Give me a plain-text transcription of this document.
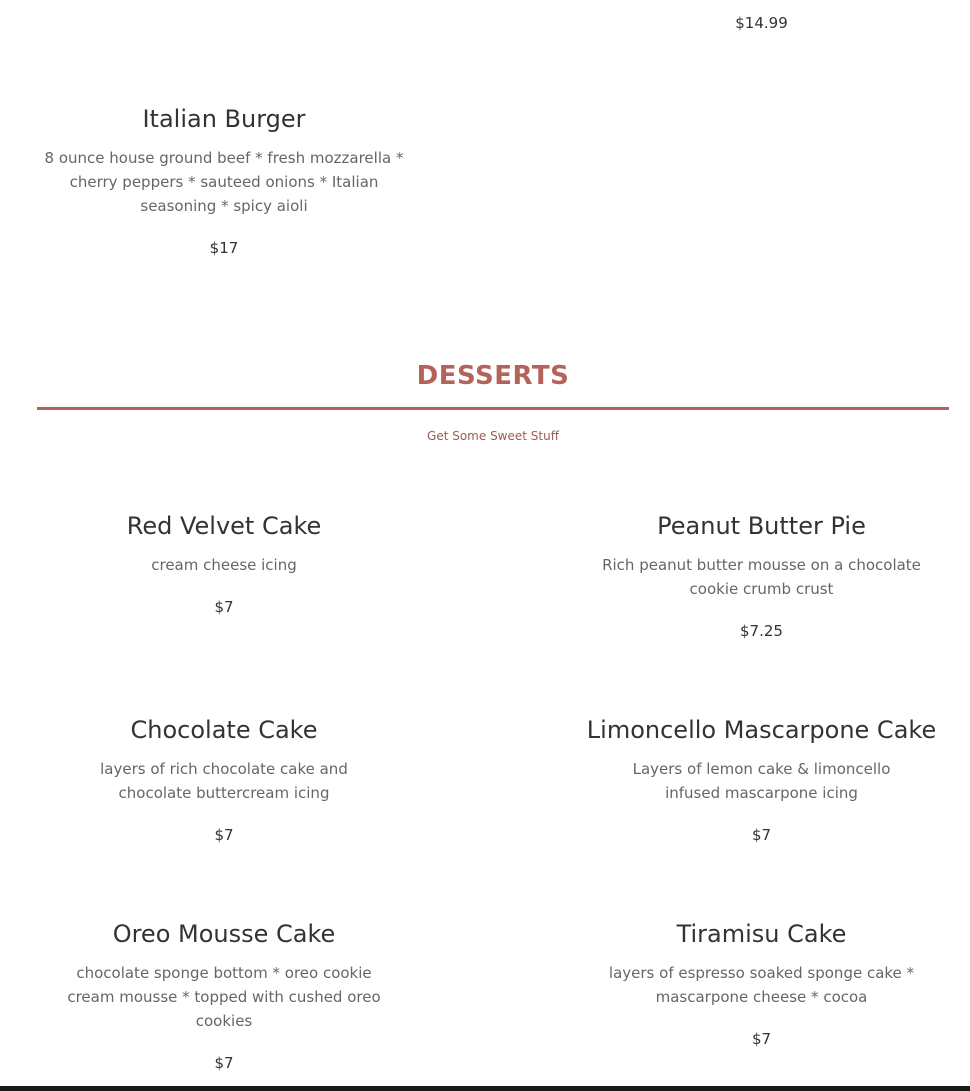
$14.99
Italian Burger
8 ounce house ground beef * fresh mozzarella * cherry peppers * sauteed onions * Italian seasoning * spicy aioli
$17
DESSERTS
Get Some Sweet Stuff
Red Velvet Cake
cream cheese icing
$7
Peanut Butter Pie
Rich peanut butter mousse on a chocolate cookie crumb crust
$7.25
Chocolate Cake
layers of rich chocolate cake and chocolate buttercream icing
$7
Limoncello Mascarpone Cake
Layers of lemon cake & limoncello infused mascarpone icing
$7
Oreo Mousse Cake
chocolate sponge bottom * oreo cookie cream mousse * topped with cushed oreo cookies
$7
Tiramisu Cake
layers of espresso soaked sponge cake * mascarpone cheese * cocoa
$7
